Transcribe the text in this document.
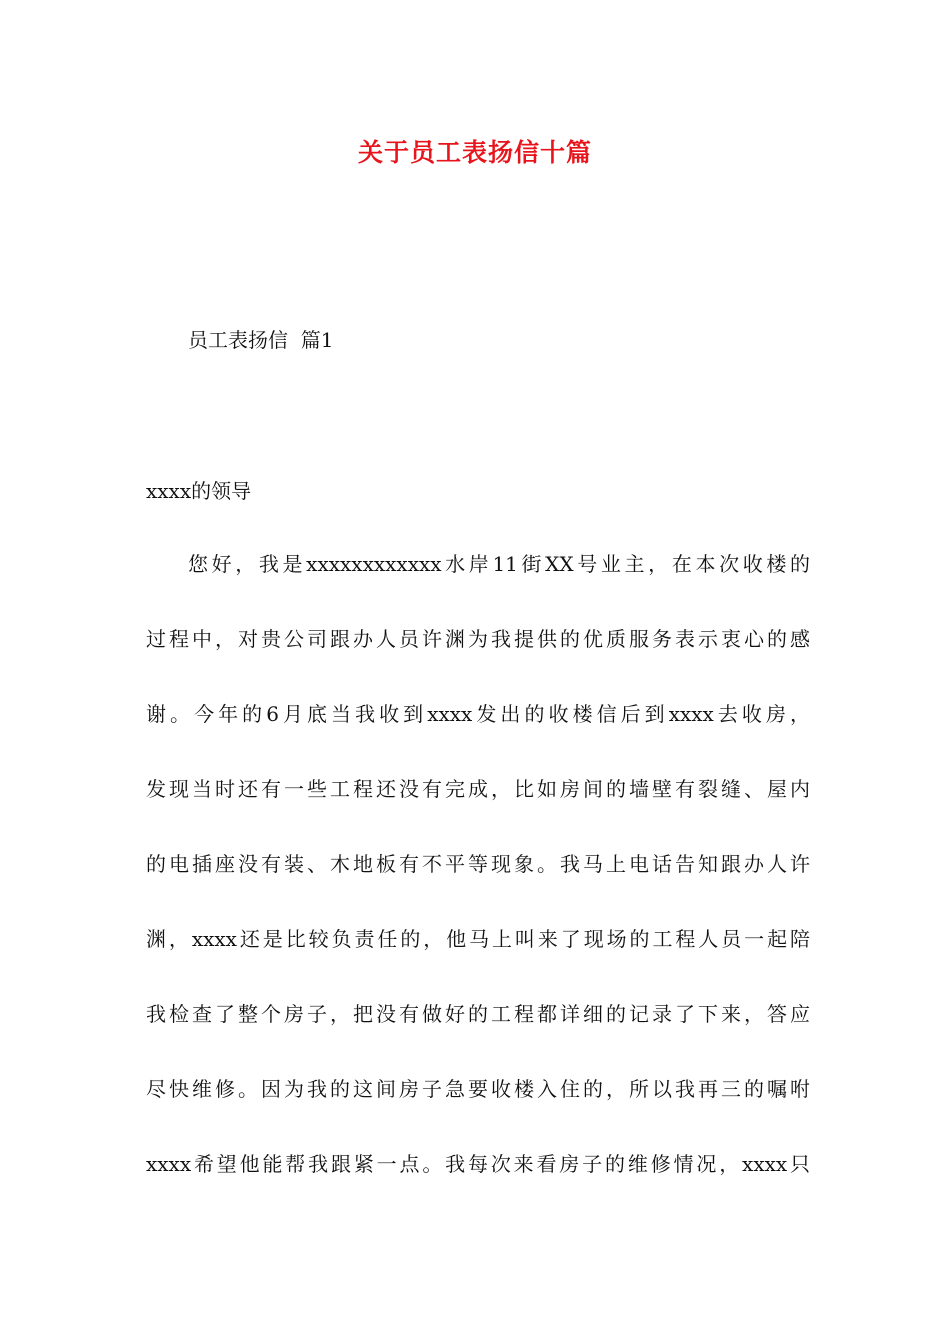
关于员工表扬信十篇
员工表扬信  篇1
xxxx的领导
您好，我是xxxxxxxxxxxx水岸11街XX号业主，在本次收楼的
过程中，对贵公司跟办人员许渊为我提供的优质服务表示衷心的感
谢。今年的6月底当我收到xxxx发出的收楼信后到xxxx去收房，
发现当时还有一些工程还没有完成，比如房间的墙壁有裂缝、屋内
的电插座没有装、木地板有不平等现象。我马上电话告知跟办人许
渊，xxxx还是比较负责任的，他马上叫来了现场的工程人员一起陪
我检查了整个房子，把没有做好的工程都详细的记录了下来，答应
尽快维修。因为我的这间房子急要收楼入住的，所以我再三的嘱咐
xxxx希望他能帮我跟紧一点。我每次来看房子的维修情况，xxxx只
